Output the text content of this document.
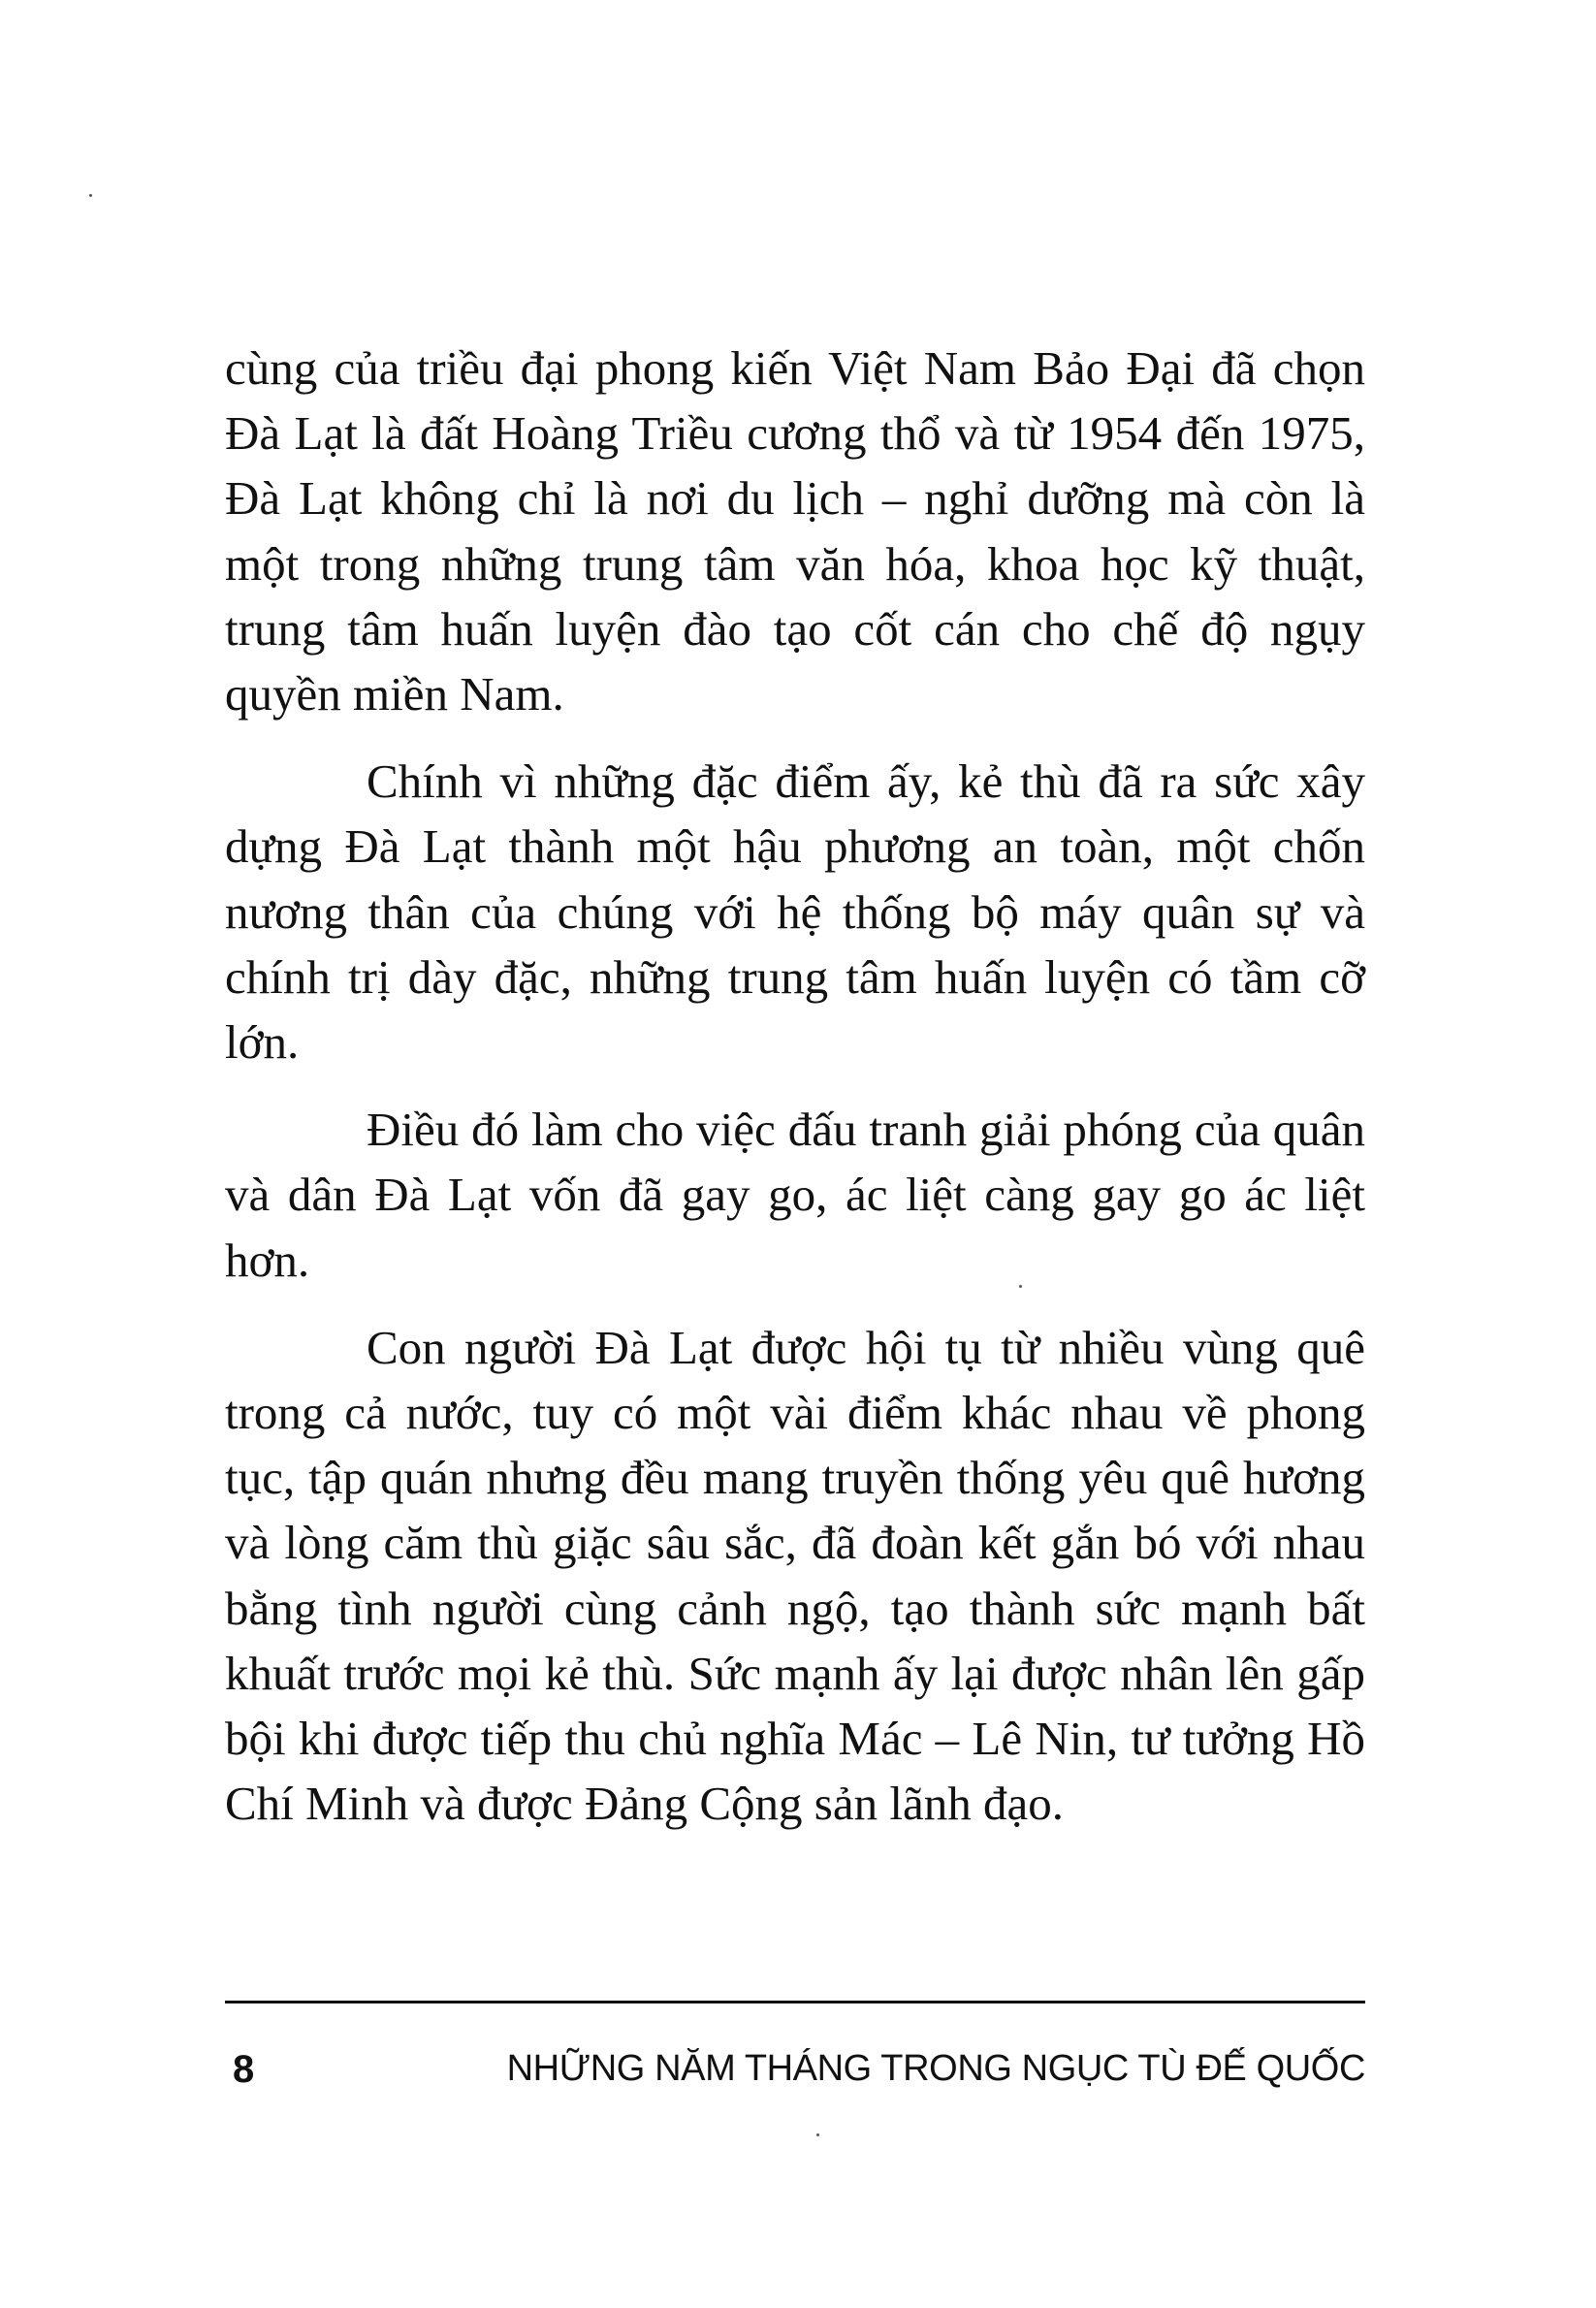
cùng của triều đại phong kiến Việt Nam Bảo Đại đã chọn Đà Lạt là đất Hoàng Triều cương thổ và từ 1954 đến 1975, Đà Lạt không chỉ là nơi du lịch – nghỉ dưỡng mà còn là một trong những trung tâm văn hóa, khoa học kỹ thuật, trung tâm huấn luyện đào tạo cốt cán cho chế độ ngụy quyền miền Nam.

Chính vì những đặc điểm ấy, kẻ thù đã ra sức xây dựng Đà Lạt thành một hậu phương an toàn, một chốn nương thân của chúng với hệ thống bộ máy quân sự và chính trị dày đặc, những trung tâm huấn luyện có tầm cỡ lớn.

Điều đó làm cho việc đấu tranh giải phóng của quân và dân Đà Lạt vốn đã gay go, ác liệt càng gay go ác liệt hơn.

Con người Đà Lạt được hội tụ từ nhiều vùng quê trong cả nước, tuy có một vài điểm khác nhau về phong tục, tập quán nhưng đều mang truyền thống yêu quê hương và lòng căm thù giặc sâu sắc, đã đoàn kết gắn bó với nhau bằng tình người cùng cảnh ngộ, tạo thành sức mạnh bất khuất trước mọi kẻ thù. Sức mạnh ấy lại được nhân lên gấp bội khi được tiếp thu chủ nghĩa Mác – Lê Nin, tư tưởng Hồ Chí Minh và được Đảng Cộng sản lãnh đạo.

8	NHỮNG NĂM THÁNG TRONG NGỤC TÙ ĐẾ QUỐC
